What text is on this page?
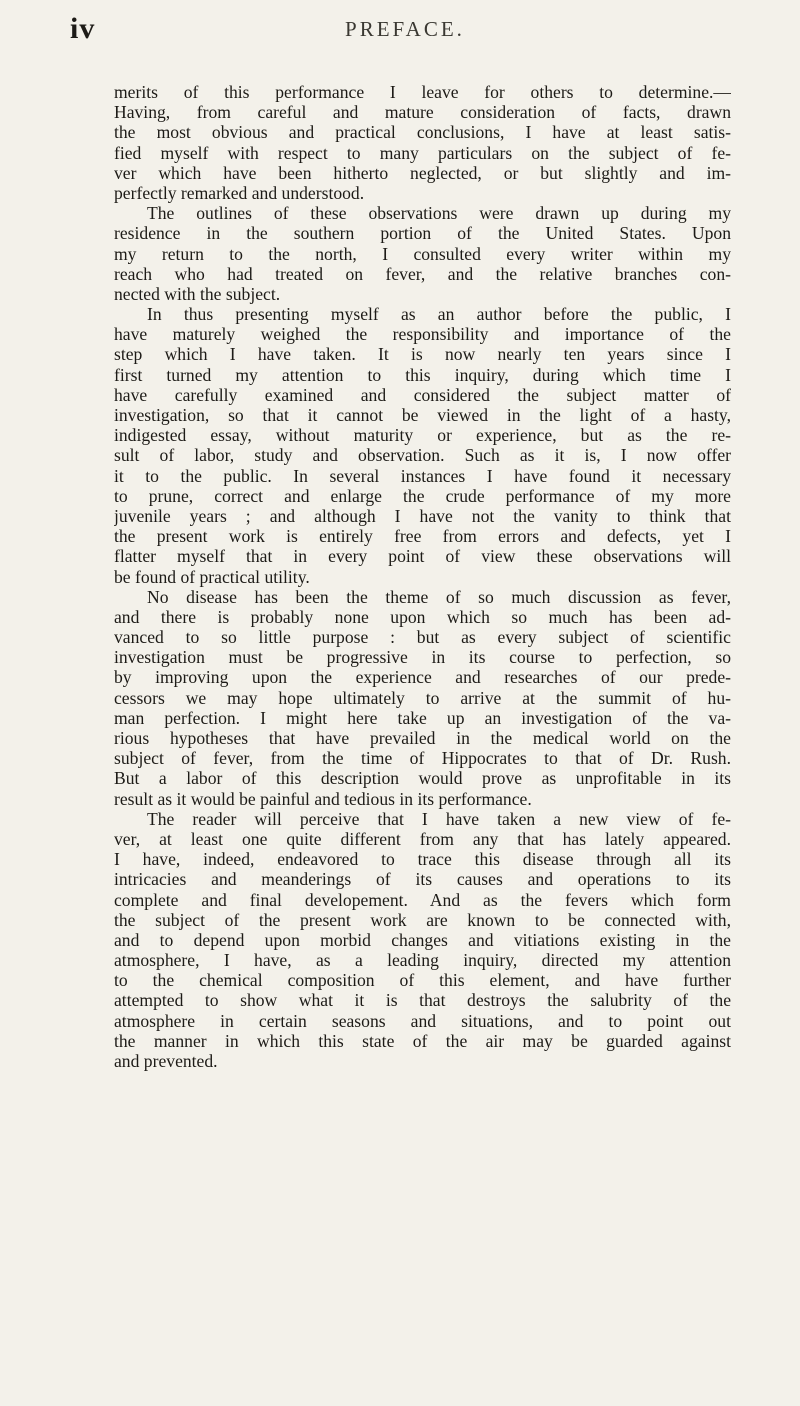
iv	PREFACE.
merits of this performance I leave for others to determine.—
Having, from careful and mature consideration of facts, drawn
the most obvious and practical conclusions, I have at least satis-
fied myself with respect to many particulars on the subject of fe-
ver which have been hitherto neglected, or but slightly and im-
perfectly remarked and understood.
The outlines of these observations were drawn up during my
residence in the southern portion of the United States. Upon
my return to the north, I consulted every writer within my
reach who had treated on fever, and the relative branches con-
nected with the subject.
In thus presenting myself as an author before the public, I
have maturely weighed the responsibility and importance of the
step which I have taken. It is now nearly ten years since I
first turned my attention to this inquiry, during which time I
have carefully examined and considered the subject matter of
investigation, so that it cannot be viewed in the light of a hasty,
indigested essay, without maturity or experience, but as the re-
sult of labor, study and observation. Such as it is, I now offer
it to the public. In several instances I have found it necessary
to prune, correct and enlarge the crude performance of my more
juvenile years ; and although I have not the vanity to think that
the present work is entirely free from errors and defects, yet I
flatter myself that in every point of view these observations will
be found of practical utility.
No disease has been the theme of so much discussion as fever,
and there is probably none upon which so much has been ad-
vanced to so little purpose : but as every subject of scientific
investigation must be progressive in its course to perfection, so
by improving upon the experience and researches of our prede-
cessors we may hope ultimately to arrive at the summit of hu-
man perfection. I might here take up an investigation of the va-
rious hypotheses that have prevailed in the medical world on the
subject of fever, from the time of Hippocrates to that of Dr. Rush.
But a labor of this description would prove as unprofitable in its
result as it would be painful and tedious in its performance.
The reader will perceive that I have taken a new view of fe-
ver, at least one quite different from any that has lately appeared.
I have, indeed, endeavored to trace this disease through all its
intricacies and meanderings of its causes and operations to its
complete and final developement. And as the fevers which form
the subject of the present work are known to be connected with,
and to depend upon morbid changes and vitiations existing in the
atmosphere, I have, as a leading inquiry, directed my attention
to the chemical composition of this element, and have further
attempted to show what it is that destroys the salubrity of the
atmosphere in certain seasons and situations, and to point out
the manner in which this state of the air may be guarded against
and prevented.
